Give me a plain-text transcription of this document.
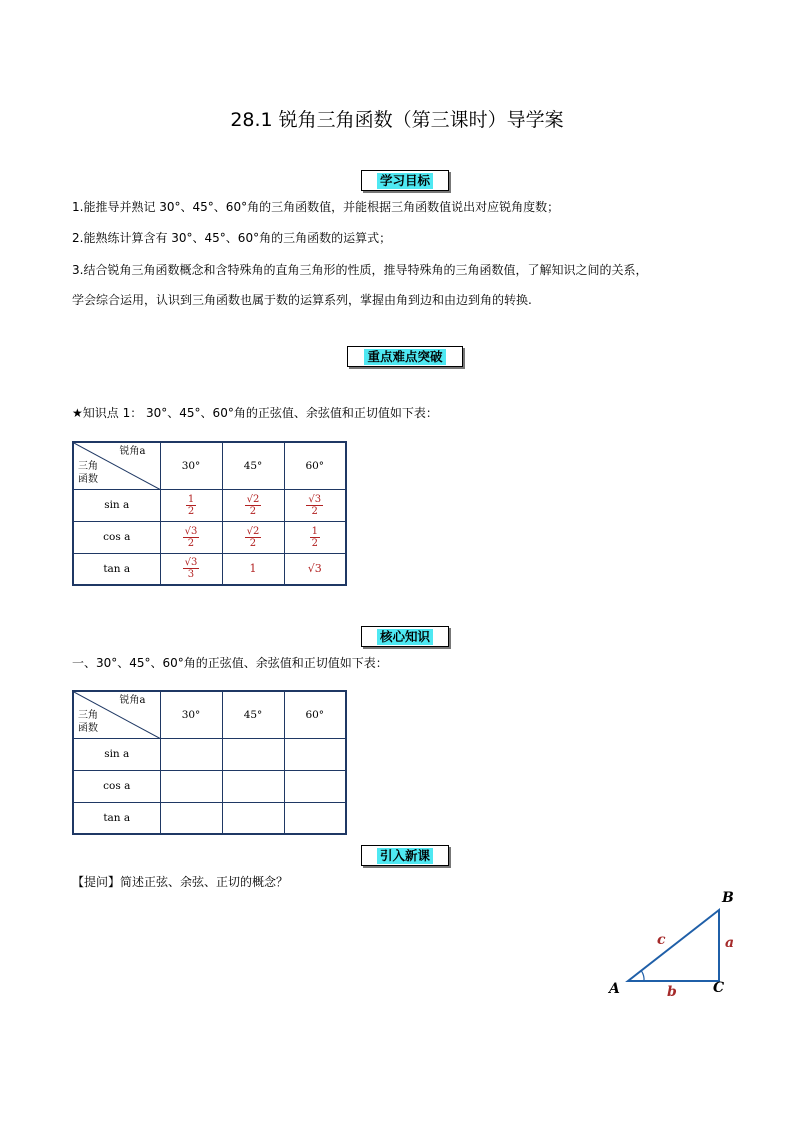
28.1 锐角三角函数（第三课时）导学案
学习目标
1.能推导并熟记 30°、45°、60°角的三角函数值，并能根据三角函数值说出对应锐角度数；
2.能熟练计算含有 30°、45°、60°角的三角函数的运算式；
3.结合锐角三角函数概念和含特殊角的直角三角形的性质，推导特殊角的三角函数值，了解知识之间的关系，
学会综合运用，认识到三角函数也属于数的运算系列，掌握由角到边和由边到角的转换.
重点难点突破
★知识点 1： 30°、45°、60°角的正弦值、余弦值和正切值如下表：
锐角a
三角
函数	30°	45°	60°
sin a	$\frac{1}{2}$	$\frac{√2}{2}$	$\frac{√3}{2}$

cos a	$\frac{√3}{2}$	$\frac{√2}{2}$	$\frac{1}{2}$

tan a	$\frac{√3}{3}$	1	√3
核心知识
一、30°、45°、60°角的正弦值、余弦值和正切值如下表：
锐角a
三角
函数	30°	45°	60°
sin a			
cos a			
tan a			
引入新课
【提问】简述正弦、余弦、正切的概念？
B
A	C
c	a
b
